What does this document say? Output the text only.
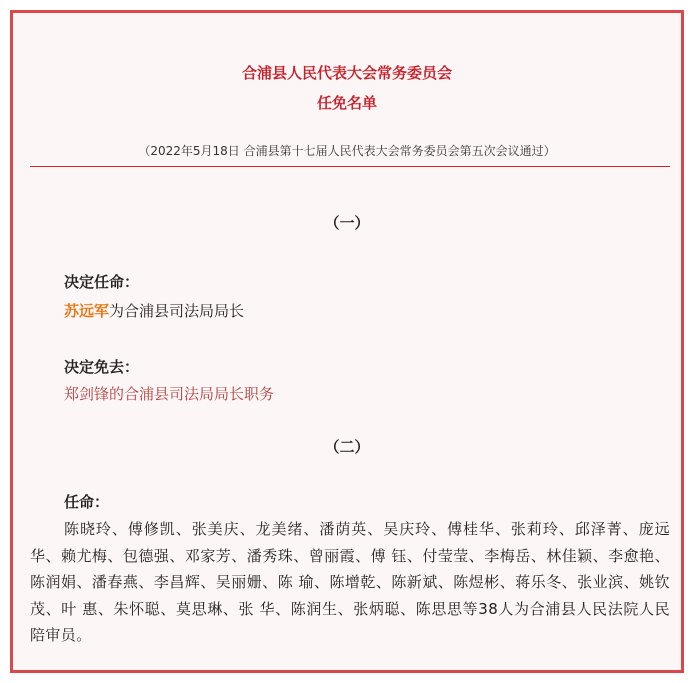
合浦县人民代表大会常务委员会
任免名单
（2022年5月18日 合浦县第十七届人民代表大会常务委员会第五次会议通过）
（一）
决定任命：
苏远军为合浦县司法局局长
决定免去：
郑剑锋的合浦县司法局局长职务
（二）
任命：
陈晓玲、傅修凯、张美庆、龙美绪、潘荫英、吴庆玲、傅桂华、张莉玲、邱泽菁、庞远华、赖尤梅、包德强、邓家芳、潘秀珠、曾丽霞、傅 钰、付莹莹、李梅岳、林佳颖、李愈艳、陈润娟、潘春燕、李昌辉、吴丽姗、陈 瑜、陈增乾、陈新斌、陈煜彬、蒋乐冬、张业滨、姚钦茂、叶 惠、朱怀聪、莫思琳、张 华、陈润生、张炳聪、陈思思等38人为合浦县人民法院人民陪审员。
